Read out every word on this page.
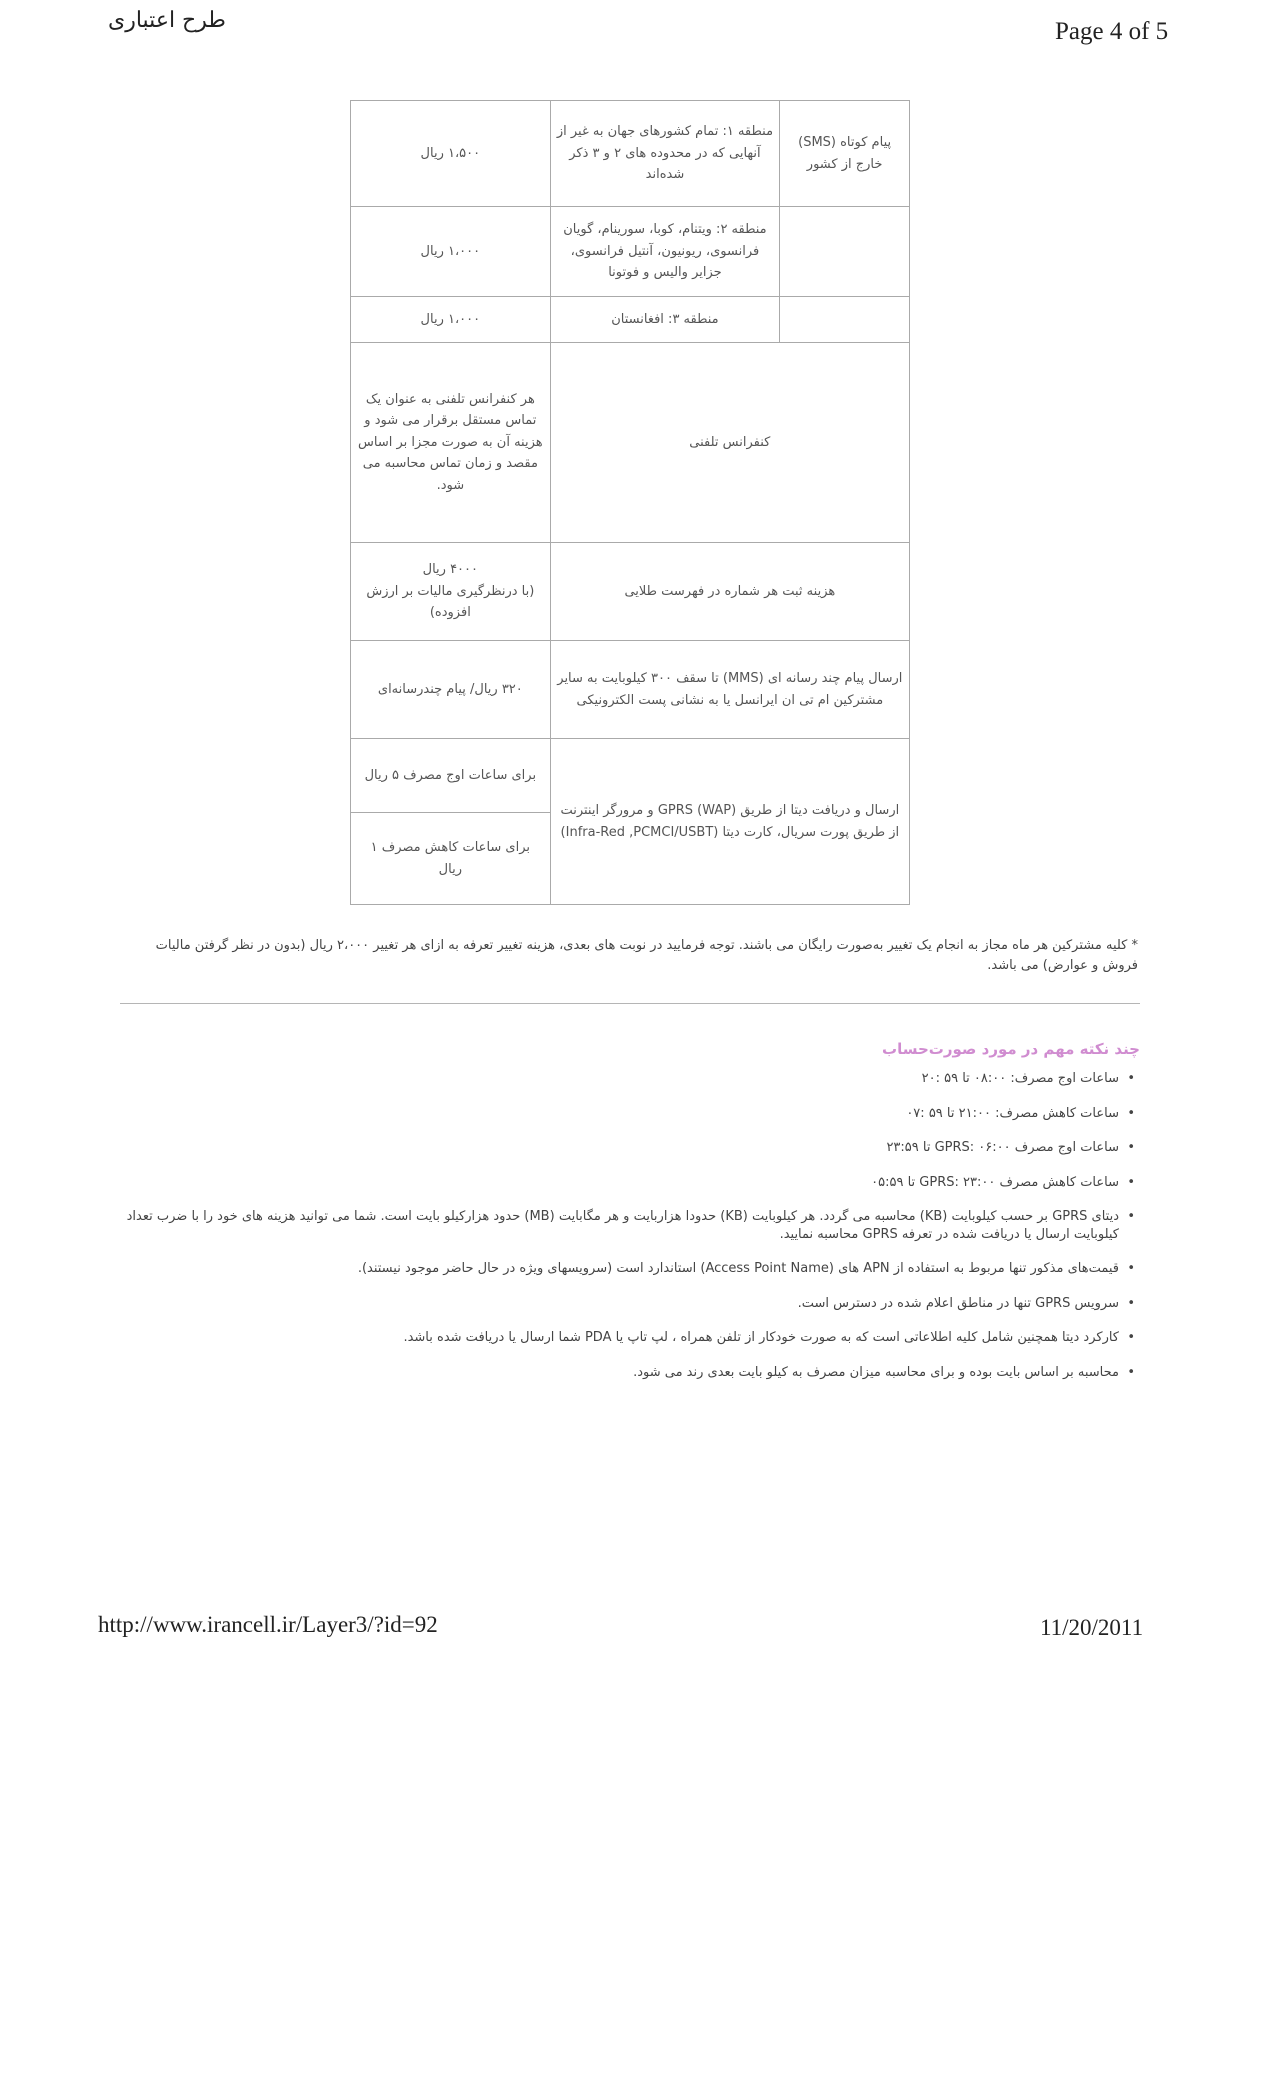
طرح اعتباری	Page 4 of 5
پیام کوتاه (SMS) خارج از کشور	منطقه ۱: تمام کشورهای جهان به غیر از آنهایی که در محدوده های ۲ و ۳ ذکر شده‌اند	۱،۵۰۰ ریال
	منطقه ۲: ویتنام، کوبا، سورینام، گویان فرانسوی، ریونیون، آنتیل فرانسوی، جزایر والیس و فوتونا	۱،۰۰۰ ریال
	منطقه ۳: افغانستان	۱،۰۰۰ ریال
کنفرانس تلفنی		هر کنفرانس تلفنی به عنوان یک تماس مستقل برقرار می شود و هزینه آن به صورت مجزا بر اساس مقصد و زمان تماس محاسبه می شود.
هزینه ثبت هر شماره در فهرست طلایی		۴۰۰۰ ریال
(با درنظرگیری مالیات بر ارزش افزوده)

ارسال پیام چند رسانه ای (MMS) تا سقف ۳۰۰ کیلوبایت به سایر مشترکین ام تی ان ایرانسل یا به نشانی پست الکترونیکی		۳۲۰ ریال/ پیام چندرسانه‌ای
ارسال و دریافت دیتا از طریق GPRS (WAP) و مرورگر اینترنت از طریق پورت سریال، کارت دیتا (Infra-Red ,PCMCI/USBT)		برای ساعات اوج مصرف ۵ ریال
		برای ساعات کاهش مصرف ۱ ریال
* کلیه مشترکین هر ماه مجاز به انجام یک تغییر به‌صورت رایگان می باشند. توجه فرمایید در نوبت های بعدی، هزینه تغییر تعرفه به ازای هر تغییر ۲،۰۰۰ ریال (بدون در نظر گرفتن مالیات فروش و عوارض) می باشد.
چند نکته مهم در مورد صورت‌حساب
• ساعات اوج مصرف: ۰۸:۰۰ تا ۵۹ :۲۰
• ساعات کاهش مصرف: ۲۱:۰۰ تا ۵۹ :۰۷
• ساعات اوج مصرف GPRS: ۰۶:۰۰ تا ۲۳:۵۹
• ساعات کاهش مصرف GPRS: ۲۳:۰۰ تا ۰۵:۵۹
• دیتای GPRS بر حسب کیلوبایت (KB) محاسبه می گردد. هر کیلوبایت (KB) حدودا هزاربایت و هر مگابایت (MB) حدود هزارکیلو بایت است. شما می توانید هزینه های خود را با ضرب تعداد کیلوبایت ارسال یا دریافت شده در تعرفه GPRS محاسبه نمایید.
• قیمت‌های مذکور تنها مربوط به استفاده از APN های (Access Point Name) استاندارد است (سرویسهای ویژه در حال حاضر موجود نیستند).
• سرویس GPRS تنها در مناطق اعلام شده در دسترس است.
• کارکرد دیتا همچنین شامل کلیه اطلاعاتی است که به صورت خودکار از تلفن همراه ، لپ تاپ یا PDA شما ارسال یا دریافت شده باشد.
• محاسبه بر اساس بایت بوده و برای محاسبه میزان مصرف به کیلو بایت بعدی رند می شود.
http://www.irancell.ir/Layer3/?id=92	11/20/2011
